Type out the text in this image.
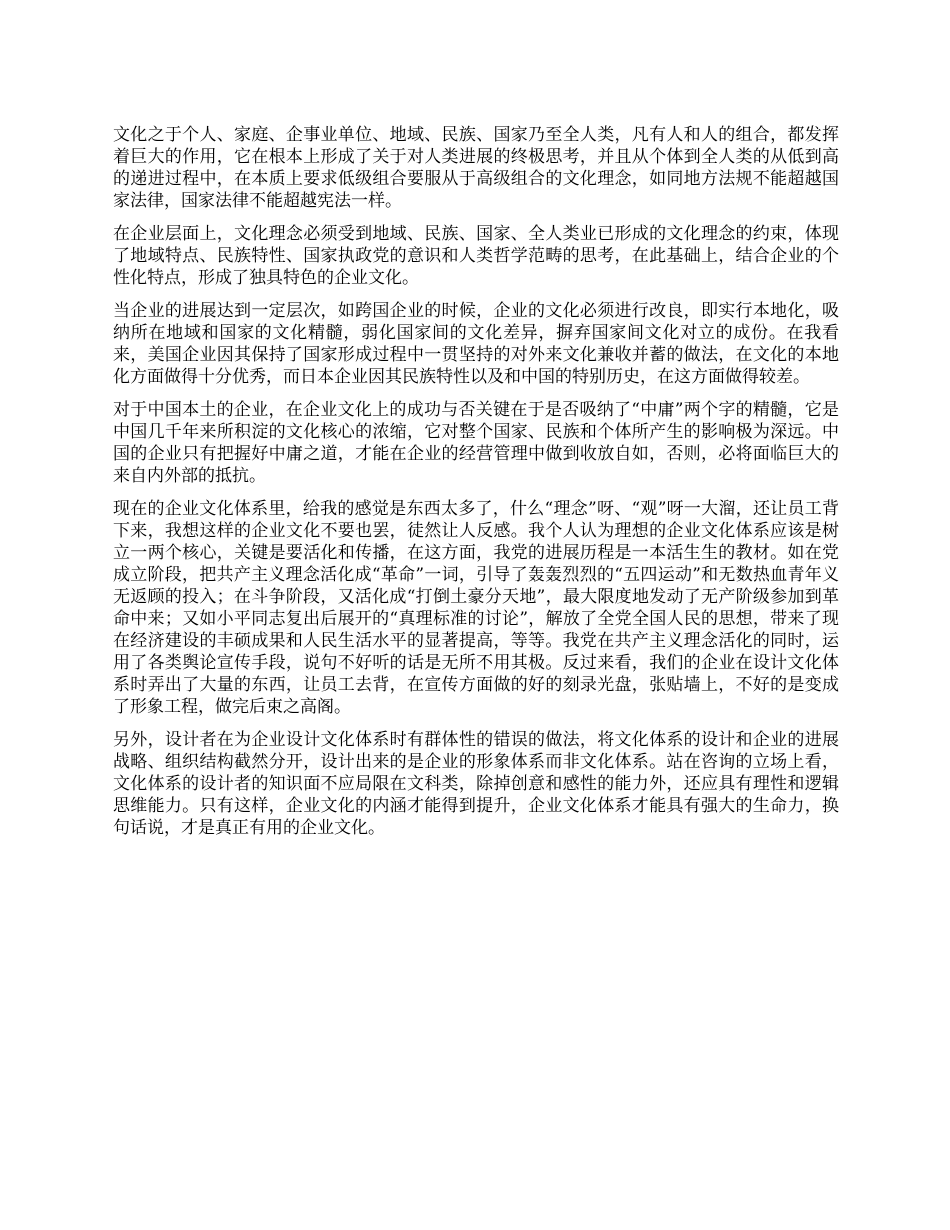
文化之于个人、家庭、企事业单位、地域、民族、国家乃至全人类，凡有人和人的组合，都发挥着巨大的作用，它在根本上形成了关于对人类进展的终极思考，并且从个体到全人类的从低到高的递进过程中，在本质上要求低级组合要服从于高级组合的文化理念，如同地方法规不能超越国家法律，国家法律不能超越宪法一样。

在企业层面上，文化理念必须受到地域、民族、国家、全人类业已形成的文化理念的约束，体现了地域特点、民族特性、国家执政党的意识和人类哲学范畴的思考，在此基础上，结合企业的个性化特点，形成了独具特色的企业文化。

当企业的进展达到一定层次，如跨国企业的时候，企业的文化必须进行改良，即实行本地化，吸纳所在地域和国家的文化精髓，弱化国家间的文化差异，摒弃国家间文化对立的成份。在我看来，美国企业因其保持了国家形成过程中一贯坚持的对外来文化兼收并蓄的做法，在文化的本地化方面做得十分优秀，而日本企业因其民族特性以及和中国的特别历史，在这方面做得较差。

对于中国本土的企业，在企业文化上的成功与否关键在于是否吸纳了“中庸”两个字的精髓，它是中国几千年来所积淀的文化核心的浓缩，它对整个国家、民族和个体所产生的影响极为深远。中国的企业只有把握好中庸之道，才能在企业的经营管理中做到收放自如，否则，必将面临巨大的来自内外部的抵抗。

现在的企业文化体系里，给我的感觉是东西太多了，什么“理念”呀、“观”呀一大溜，还让员工背下来，我想这样的企业文化不要也罢，徒然让人反感。我个人认为理想的企业文化体系应该是树立一两个核心，关键是要活化和传播，在这方面，我党的进展历程是一本活生生的教材。如在党成立阶段，把共产主义理念活化成“革命”一词，引导了轰轰烈烈的“五四运动”和无数热血青年义无返顾的投入；在斗争阶段，又活化成“打倒土豪分天地”，最大限度地发动了无产阶级参加到革命中来；又如小平同志复出后展开的“真理标准的讨论”，解放了全党全国人民的思想，带来了现在经济建设的丰硕成果和人民生活水平的显著提高，等等。我党在共产主义理念活化的同时，运用了各类舆论宣传手段，说句不好听的话是无所不用其极。反过来看，我们的企业在设计文化体系时弄出了大量的东西，让员工去背，在宣传方面做的好的刻录光盘，张贴墙上，不好的是变成了形象工程，做完后束之高阁。

另外，设计者在为企业设计文化体系时有群体性的错误的做法，将文化体系的设计和企业的进展战略、组织结构截然分开，设计出来的是企业的形象体系而非文化体系。站在咨询的立场上看，文化体系的设计者的知识面不应局限在文科类，除掉创意和感性的能力外，还应具有理性和逻辑思维能力。只有这样，企业文化的内涵才能得到提升，企业文化体系才能具有强大的生命力，换句话说，才是真正有用的企业文化。
